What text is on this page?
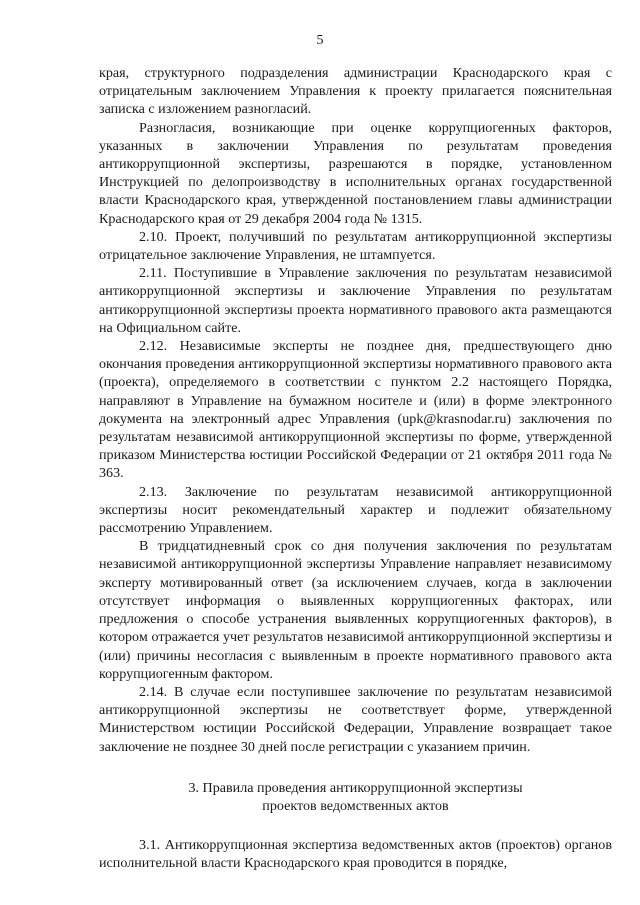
5

края, структурного подразделения администрации Краснодарского края с отрицательным заключением Управления к проекту прилагается пояснительная записка с изложением разногласий.

Разногласия, возникающие при оценке коррупциогенных факторов, указанных в заключении Управления по результатам проведения антикоррупционной экспертизы, разрешаются в порядке, установленном Инструкцией по делопроизводству в исполнительных органах государственной власти Краснодарского края, утвержденной постановлением главы администрации Краснодарского края от 29 декабря 2004 года № 1315.

2.10. Проект, получивший по результатам антикоррупционной экспертизы отрицательное заключение Управления, не штампуется.

2.11. Поступившие в Управление заключения по результатам независимой антикоррупционной экспертизы и заключение Управления по результатам антикоррупционной экспертизы проекта нормативного правового акта размещаются на Официальном сайте.

2.12. Независимые эксперты не позднее дня, предшествующего дню окончания проведения антикоррупционной экспертизы нормативного правового акта (проекта), определяемого в соответствии с пунктом 2.2 настоящего Порядка, направляют в Управление на бумажном носителе и (или) в форме электронного документа на электронный адрес Управления (upk@krasnodar.ru) заключения по результатам независимой антикоррупционной экспертизы по форме, утвержденной приказом Министерства юстиции Российской Федерации от 21 октября 2011 года № 363.

2.13. Заключение по результатам независимой антикоррупционной экспертизы носит рекомендательный характер и подлежит обязательному рассмотрению Управлением.

В тридцатидневный срок со дня получения заключения по результатам независимой антикоррупционной экспертизы Управление направляет независимому эксперту мотивированный ответ (за исключением случаев, когда в заключении отсутствует информация о выявленных коррупциогенных факторах, или предложения о способе устранения выявленных коррупциогенных факторов), в котором отражается учет результатов независимой антикоррупционной экспертизы и (или) причины несогласия с выявленным в проекте нормативного правового акта коррупциогенным фактором.

2.14. В случае если поступившее заключение по результатам независимой антикоррупционной экспертизы не соответствует форме, утвержденной Министерством юстиции Российской Федерации, Управление возвращает такое заключение не позднее 30 дней после регистрации с указанием причин.

3. Правила проведения антикоррупционной экспертизы
проектов ведомственных актов

3.1. Антикоррупционная экспертиза ведомственных актов (проектов) органов исполнительной власти Краснодарского края проводится в порядке,
